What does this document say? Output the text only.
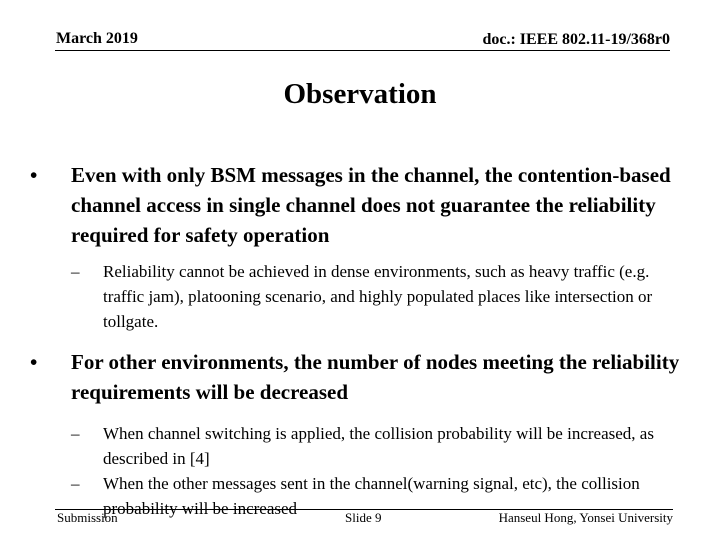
March 2019	doc.: IEEE 802.11-19/368r0
Observation
• Even with only BSM messages in the channel, the contention-based channel access in single channel does not guarantee the reliability required for safety operation
– Reliability cannot be achieved in dense environments, such as heavy traffic (e.g. traffic jam), platooning scenario, and highly populated places like intersection or tollgate.
• For other environments, the number of nodes meeting the reliability requirements will be decreased
– When channel switching is applied, the collision probability will be increased, as described in [4]
– When the other messages sent in the channel(warning signal, etc), the collision probability will be increased
Submission	Slide 9	Hanseul Hong, Yonsei University
